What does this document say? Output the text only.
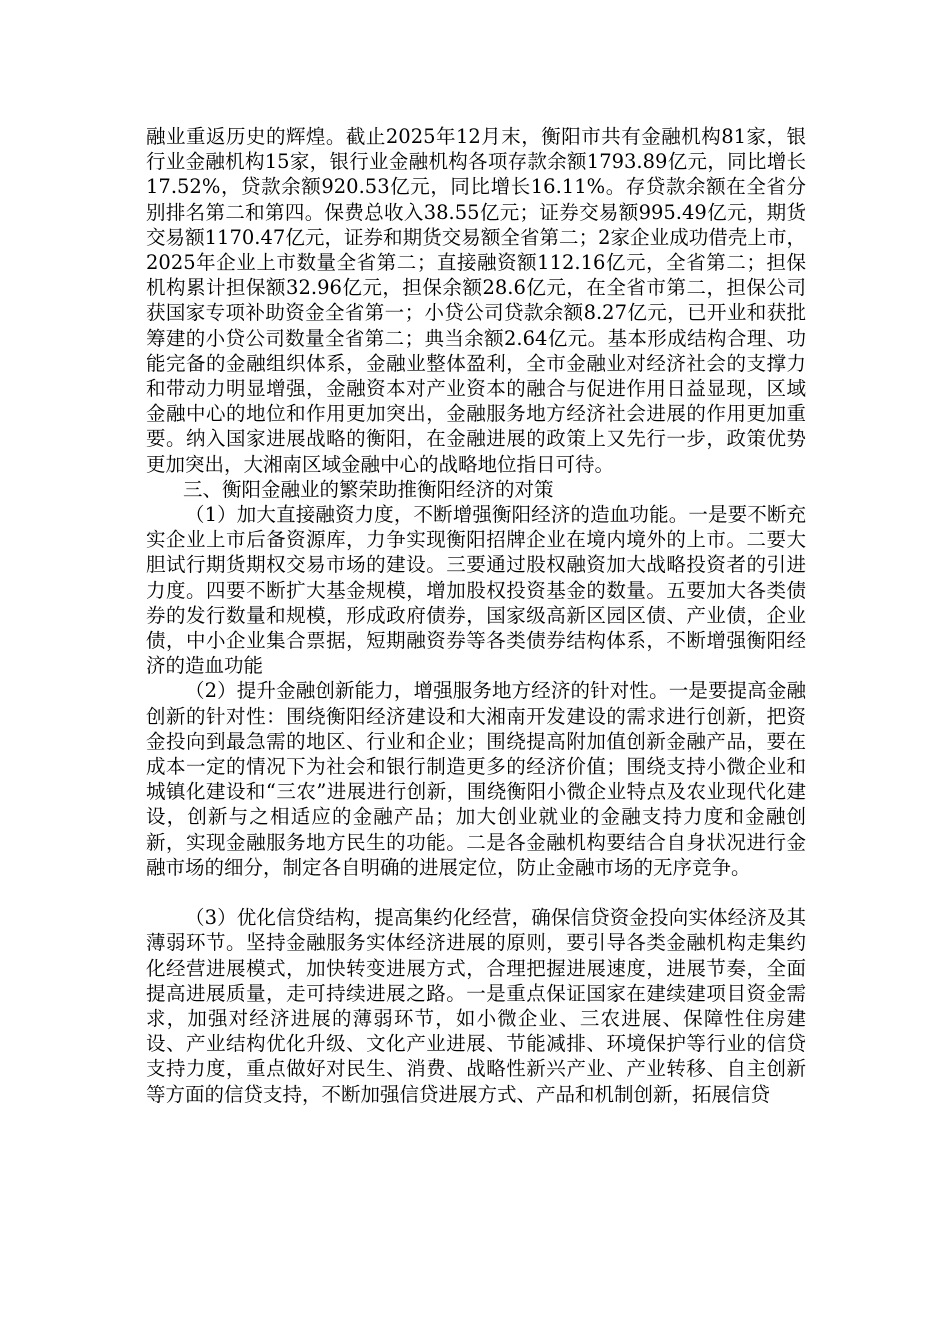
融业重返历史的辉煌。截止2025年12月末，衡阳市共有金融机构81家，银行业金融机构15家，银行业金融机构各项存款余额1793.89亿元，同比增长17.52%，贷款余额920.53亿元，同比增长16.11%。存贷款余额在全省分别排名第二和第四。保费总收入38.55亿元；证券交易额995.49亿元，期货交易额1170.47亿元，证券和期货交易额全省第二；2家企业成功借壳上市，2025年企业上市数量全省第二；直接融资额112.16亿元，全省第二；担保机构累计担保额32.96亿元，担保余额28.6亿元，在全省市第二，担保公司获国家专项补助资金全省第一；小贷公司贷款余额8.27亿元，已开业和获批筹建的小贷公司数量全省第二；典当余额2.64亿元。基本形成结构合理、功能完备的金融组织体系，金融业整体盈利，全市金融业对经济社会的支撑力和带动力明显增强，金融资本对产业资本的融合与促进作用日益显现，区域金融中心的地位和作用更加突出，金融服务地方经济社会进展的作用更加重要。纳入国家进展战略的衡阳，在金融进展的政策上又先行一步，政策优势更加突出，大湘南区域金融中心的战略地位指日可待。

三、衡阳金融业的繁荣助推衡阳经济的对策

（1）加大直接融资力度，不断增强衡阳经济的造血功能。一是要不断充实企业上市后备资源库，力争实现衡阳招牌企业在境内境外的上市。二要大胆试行期货期权交易市场的建设。三要通过股权融资加大战略投资者的引进力度。四要不断扩大基金规模，增加股权投资基金的数量。五要加大各类债券的发行数量和规模，形成政府债券，国家级高新区园区债、产业债，企业债，中小企业集合票据，短期融资券等各类债券结构体系，不断增强衡阳经济的造血功能

（2）提升金融创新能力，增强服务地方经济的针对性。一是要提高金融创新的针对性：围绕衡阳经济建设和大湘南开发建设的需求进行创新，把资金投向到最急需的地区、行业和企业；围绕提高附加值创新金融产品，要在成本一定的情况下为社会和银行制造更多的经济价值；围绕支持小微企业和城镇化建设和“三农”进展进行创新，围绕衡阳小微企业特点及农业现代化建设，创新与之相适应的金融产品；加大创业就业的金融支持力度和金融创新，实现金融服务地方民生的功能。二是各金融机构要结合自身状况进行金融市场的细分，制定各自明确的进展定位，防止金融市场的无序竞争。

（3）优化信贷结构，提高集约化经营，确保信贷资金投向实体经济及其薄弱环节。坚持金融服务实体经济进展的原则，要引导各类金融机构走集约化经营进展模式，加快转变进展方式，合理把握进展速度，进展节奏，全面提高进展质量，走可持续进展之路。一是重点保证国家在建续建项目资金需求，加强对经济进展的薄弱环节，如小微企业、三农进展、保障性住房建设、产业结构优化升级、文化产业进展、节能减排、环境保护等行业的信贷支持力度，重点做好对民生、消费、战略性新兴产业、产业转移、自主创新等方面的信贷支持，不断加强信贷进展方式、产品和机制创新，拓展信贷
